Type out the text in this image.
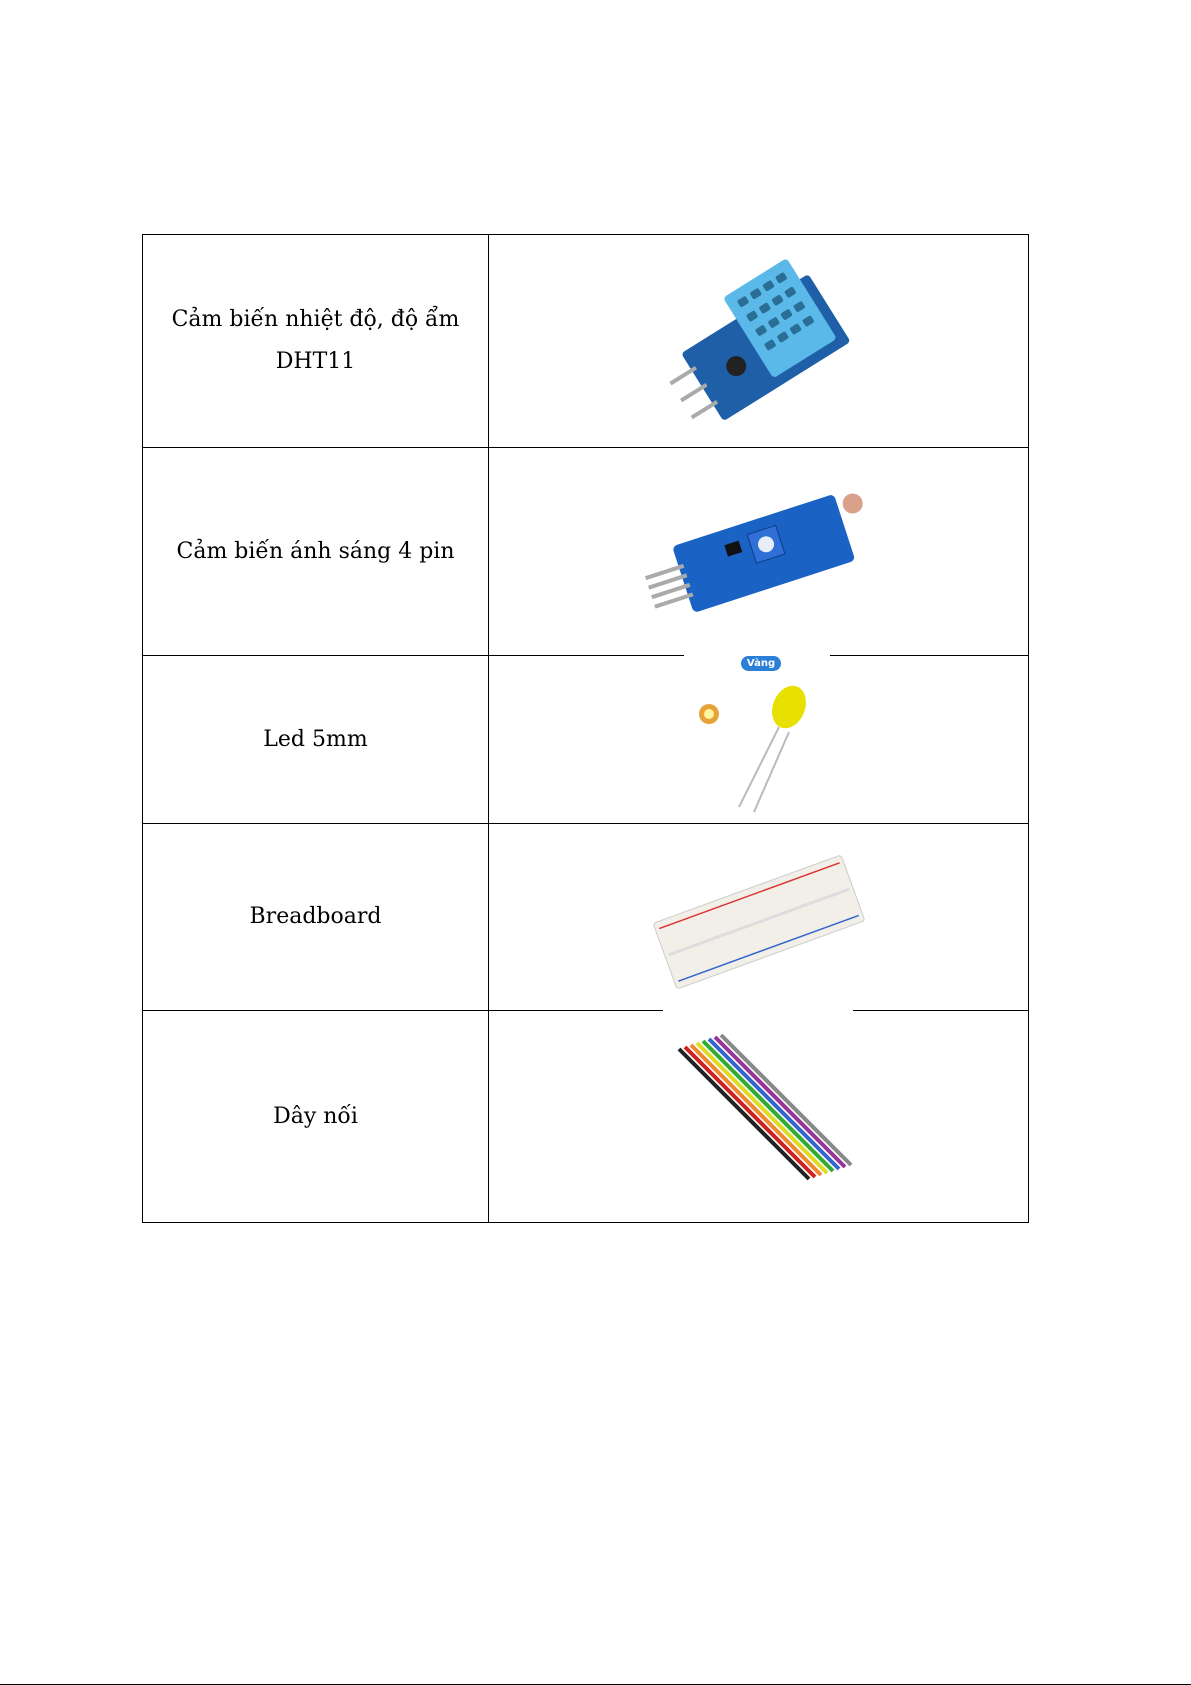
Cảm biến nhiệt độ, độ ẩm DHT11	

Cảm biến ánh sáng 4 pin	

Led 5mm	Vàng

Breadboard	

Dây nối	
